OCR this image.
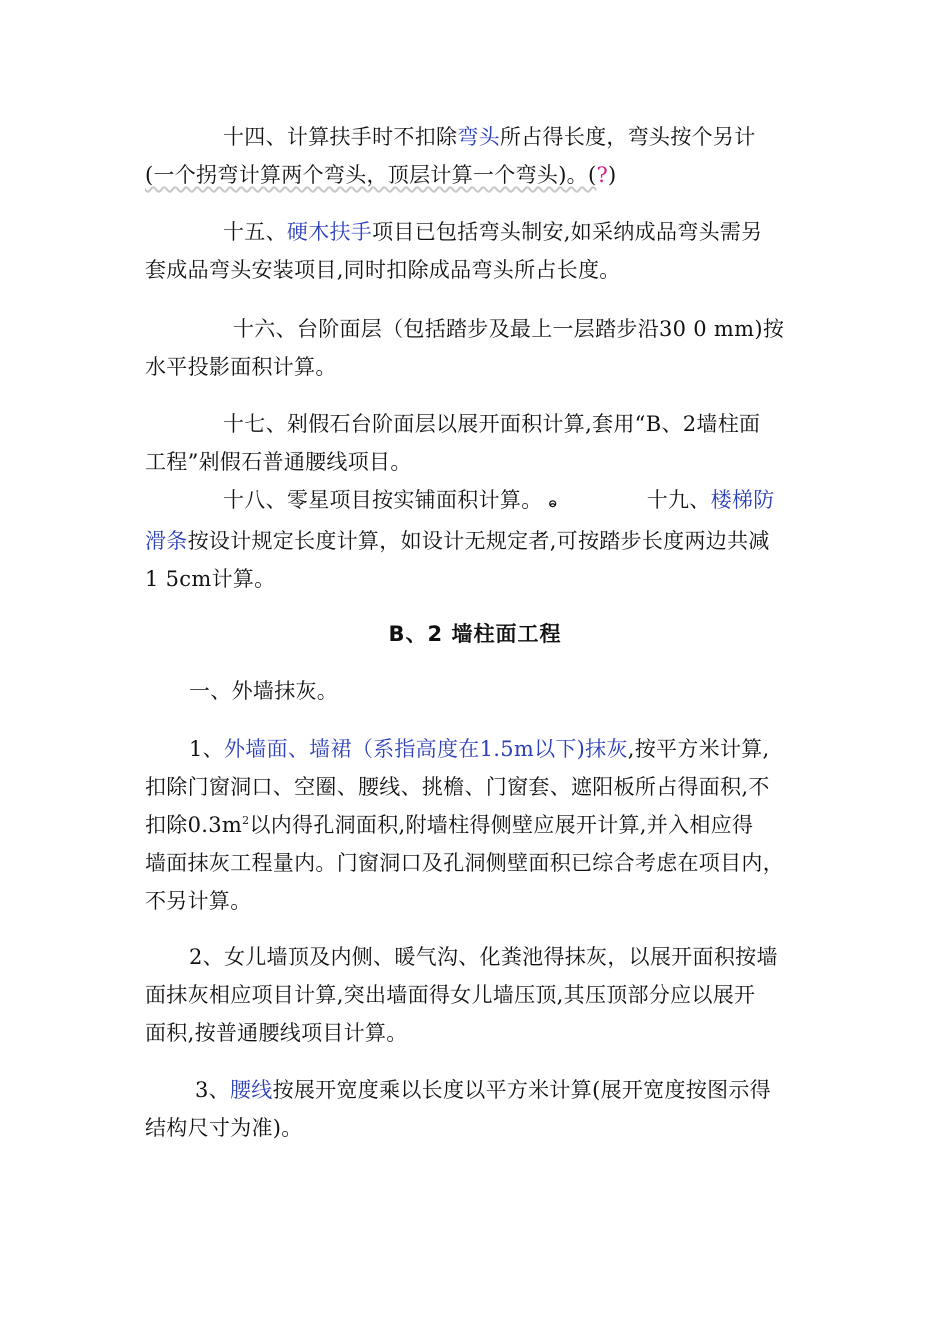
十四、计算扶手时不扣除弯头所占得长度，弯头按个另计
(一个拐弯计算两个弯头，顶层计算一个弯头)。(?)
十五、硬木扶手项目已包括弯头制安,如采纳成品弯头需另
套成品弯头安装项目,同时扣除成品弯头所占长度。
十六、台阶面层（包括踏步及最上一层踏步沿30 0 mm)按
水平投影面积计算。
十七、剁假石台阶面层以展开面积计算,套用“B、2墙柱面
工程”剁假石普通腰线项目。
十八、零星项目按实铺面积计算。 ဓ	十九、楼梯防
滑条按设计规定长度计算，如设计无规定者,可按踏步长度两边共减
1 5cm计算。
B、2 墙柱面工程
一、外墙抹灰。
1、外墙面、墙裙（系指高度在1.5m以下)抹灰,按平方米计算,
扣除门窗洞口、空圈、腰线、挑檐、门窗套、遮阳板所占得面积,不
扣除$0.3m^2$以内得孔洞面积,附墙柱得侧壁应展开计算,并入相应得
墙面抹灰工程量内。门窗洞口及孔洞侧壁面积已综合考虑在项目内，
不另计算。
2、女儿墙顶及内侧、暖气沟、化粪池得抹灰，以展开面积按墙
面抹灰相应项目计算,突出墙面得女儿墙压顶,其压顶部分应以展开
面积,按普通腰线项目计算。
3、腰线按展开宽度乘以长度以平方米计算(展开宽度按图示得
结构尺寸为准)。
